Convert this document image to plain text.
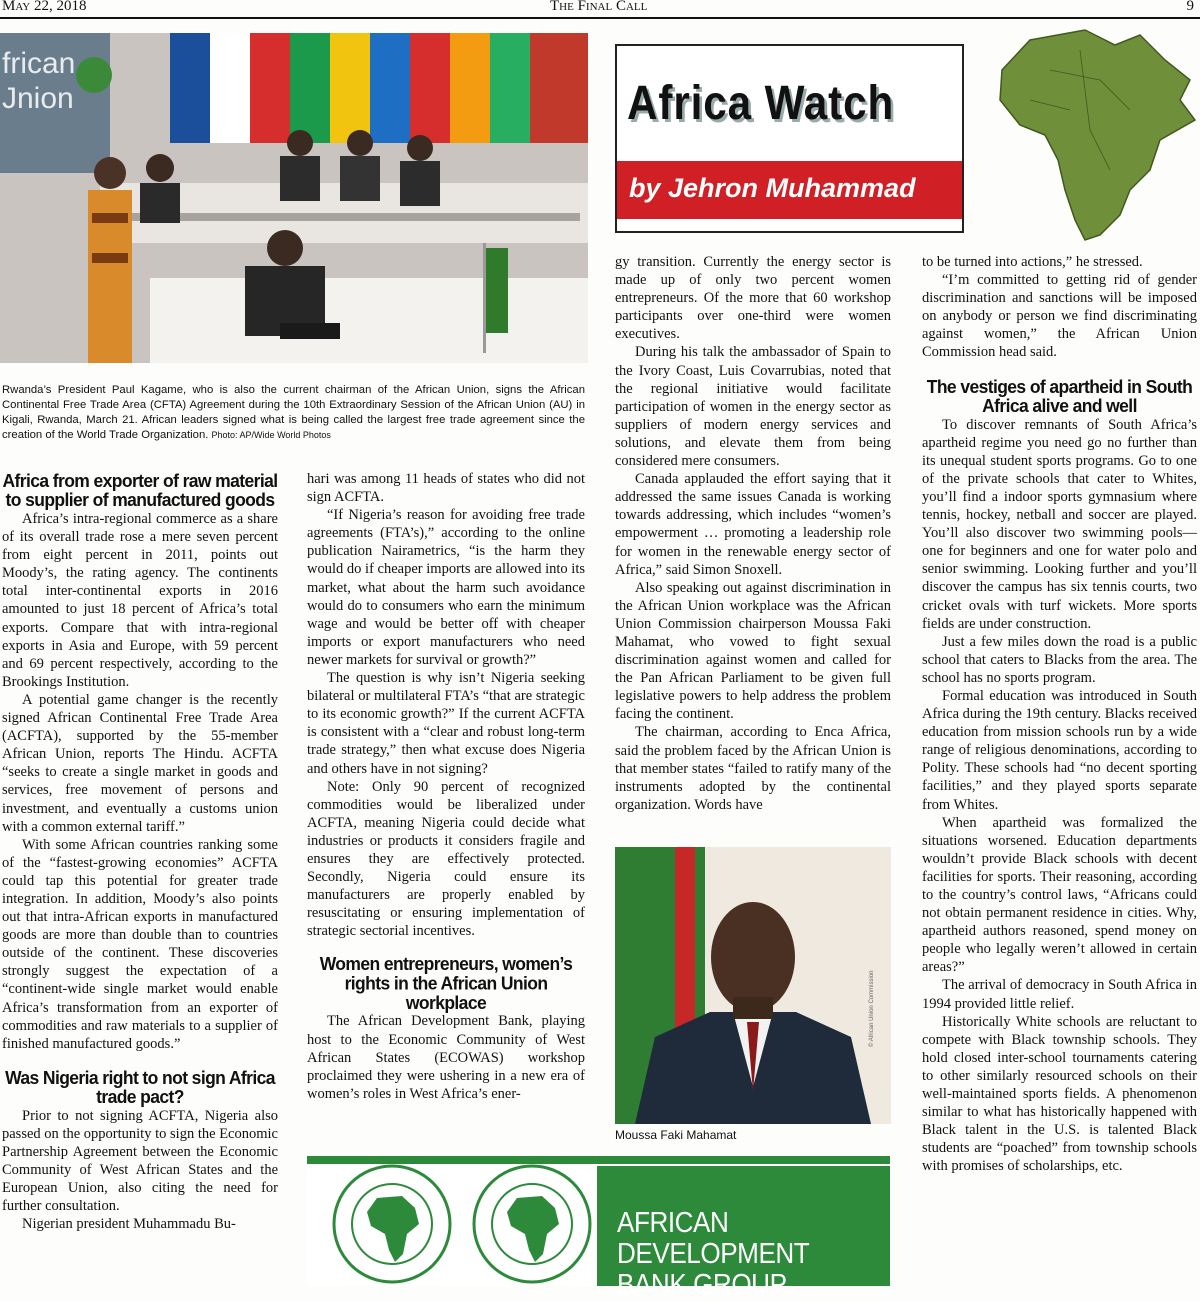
May 22, 2018	The Final Call	9
frican
Jnion
Rwanda’s President Paul Kagame, who is also the current chairman of the African Union, signs the African Continental Free Trade Area (CFTA) Agreement during the 10th Extraordinary Session of the African Union (AU) in Kigali, Rwanda, March 21. African leaders signed what is being called the largest free trade agreement since the creation of the World Trade Organization. Photo: AP/Wide World Photos
Africa Watch
by Jehron Muhammad
Africa from exporter of raw material to supplier of manufactured goods

Africa’s intra-regional commerce as a share of its overall trade rose a mere seven percent from eight percent in 2011, points out Moody’s, the rating agency. The continents total inter-continental exports in 2016 amounted to just 18 percent of Africa’s total exports. Compare that with intra-regional exports in Asia and Europe, with 59 percent and 69 percent respectively, according to the Brookings Institution.

A potential game changer is the recently signed African Continental Free Trade Area (ACFTA), supported by the 55-member African Union, reports The Hindu. ACFTA “seeks to create a single market in goods and services, free movement of persons and investment, and eventually a customs union with a common external tariff.”

With some African countries ranking some of the “fastest-growing economies” ACFTA could tap this potential for greater trade integration. In addition, Moody’s also points out that intra-African exports in manufactured goods are more than double than to countries outside of the continent. These discoveries strongly suggest the expectation of a “continent-wide single market would enable Africa’s transformation from an exporter of commodities and raw materials to a supplier of finished manufactured goods.”

Was Nigeria right to not sign Africa trade pact?

Prior to not signing ACFTA, Nigeria also passed on the opportunity to sign the Economic Partnership Agreement between the Economic Community of West African States and the European Union, also citing the need for further consultation.

Nigerian president Muhammadu Bu-

hari was among 11 heads of states who did not sign ACFTA.

“If Nigeria’s reason for avoiding free trade agreements (FTA’s),” according to the online publication Nairametrics, “is the harm they would do if cheaper imports are allowed into its market, what about the harm such avoidance would do to consumers who earn the minimum wage and would be better off with cheaper imports or export manufacturers who need newer markets for survival or growth?”

The question is why isn’t Nigeria seeking bilateral or multilateral FTA’s “that are strategic to its economic growth?” If the current ACFTA is consistent with a “clear and robust long-term trade strategy,” then what excuse does Nigeria and others have in not signing?

Note: Only 90 percent of recognized commodities would be liberalized under ACFTA, meaning Nigeria could decide what industries or products it considers fragile and ensures they are effectively protected. Secondly, Nigeria could ensure its manufacturers are properly enabled by resuscitating or ensuring implementation of strategic sectorial incentives.

Women entrepreneurs, women’s rights in the African Union workplace

The African Development Bank, playing host to the Economic Community of West African States (ECOWAS) workshop proclaimed they were ushering in a new era of women’s roles in West Africa’s ener-

gy transition. Currently the energy sector is made up of only two percent women entrepreneurs. Of the more that 60 workshop participants over one-third were women executives.

During his talk the ambassador of Spain to the Ivory Coast, Luis Covarrubias, noted that the regional initiative would facilitate participation of women in the energy sector as suppliers of modern energy services and solutions, and elevate them from being considered mere consumers.

Canada applauded the effort saying that it addressed the same issues Canada is working towards addressing, which includes “women’s empowerment … promoting a leadership role for women in the renewable energy sector of Africa,” said Simon Snoxell.

Also speaking out against discrimination in the African Union workplace was the African Union Commission chairperson Moussa Faki Mahamat, who vowed to fight sexual discrimination against women and called for the Pan African Parliament to be given full legislative powers to help address the problem facing the continent.

The chairman, according to Enca Africa, said the problem faced by the African Union is that member states “failed to ratify many of the instruments adopted by the continental organization. Words have

© African Union Commission
Moussa Faki Mahamat

to be turned into actions,” he stressed.

“I’m committed to getting rid of gender discrimination and sanctions will be imposed on anybody or person we find discriminating against women,” the African Union Commission head said.

The vestiges of apartheid in South Africa alive and well

To discover remnants of South Africa’s apartheid regime you need go no further than its unequal student sports programs. Go to one of the private schools that cater to Whites, you’ll find a indoor sports gymnasium where tennis, hockey, netball and soccer are played. You’ll also discover two swimming pools—one for beginners and one for water polo and senior swimming. Looking further and you’ll discover the campus has six tennis courts, two cricket ovals with turf wickets. More sports fields are under construction.

Just a few miles down the road is a public school that caters to Blacks from the area. The school has no sports program.

Formal education was introduced in South Africa during the 19th century. Blacks received education from mission schools run by a wide range of religious denominations, according to Polity. These schools had “no decent sporting facilities,” and they played sports separate from Whites.

When apartheid was formalized the situations worsened. Education departments wouldn’t provide Black schools with decent facilities for sports. Their reasoning, according to the country’s control laws, “Africans could not obtain permanent residence in cities. Why, apartheid authors reasoned, spend money on people who legally weren’t allowed in certain areas?”

The arrival of democracy in South Africa in 1994 provided little relief.

Historically White schools are reluctant to compete with Black township schools. They hold closed inter-school tournaments catering to other similarly resourced schools on their well-maintained sports fields. A phenomenon similar to what has historically happened with Black talent in the U.S. is talented Black students are “poached” from township schools with promises of scholarships, etc.

AFRICAN DEVELOPMENT
BANK GROUP
